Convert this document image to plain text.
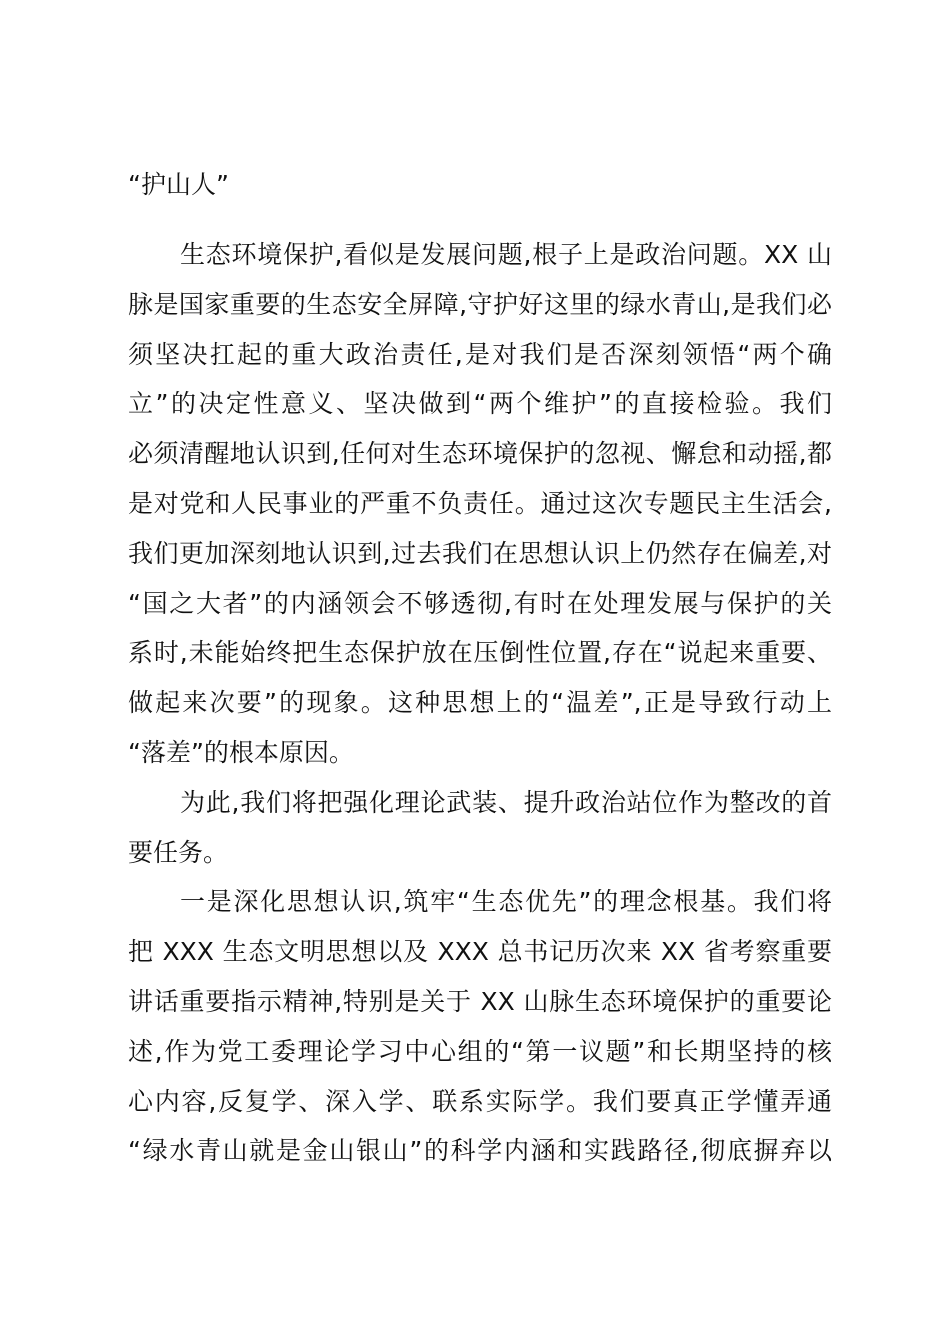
“护山人”
生态环境保护,看似是发展问题,根子上是政治问题。XX 山
脉是国家重要的生态安全屏障,守护好这里的绿水青山,是我们必
须坚决扛起的重大政治责任,是对我们是否深刻领悟“两个确
立”的决定性意义、坚决做到“两个维护”的直接检验。我们
必须清醒地认识到,任何对生态环境保护的忽视、懈怠和动摇,都
是对党和人民事业的严重不负责任。通过这次专题民主生活会,
我们更加深刻地认识到,过去我们在思想认识上仍然存在偏差,对
“国之大者”的内涵领会不够透彻,有时在处理发展与保护的关
系时,未能始终把生态保护放在压倒性位置,存在“说起来重要、
做起来次要”的现象。这种思想上的“温差”,正是导致行动上
“落差”的根本原因。
为此,我们将把强化理论武装、提升政治站位作为整改的首
要任务。
一是深化思想认识,筑牢“生态优先”的理念根基。我们将
把 XXX 生态文明思想以及 XXX 总书记历次来 XX 省考察重要
讲话重要指示精神,特别是关于 XX 山脉生态环境保护的重要论
述,作为党工委理论学习中心组的“第一议题”和长期坚持的核
心内容,反复学、深入学、联系实际学。我们要真正学懂弄通
“绿水青山就是金山银山”的科学内涵和实践路径,彻底摒弃以
